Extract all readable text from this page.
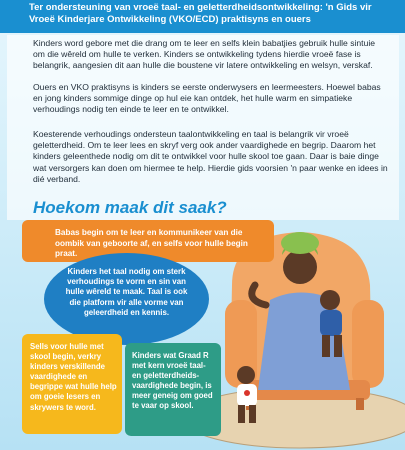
Ter ondersteuning van vroeë taal- en geletterdheidsontwikkeling: 'n Gids vir Vroeë Kinderjare Ontwikkeling (VKO/ECD) praktisyns en ouers
Kinders word gebore met die drang om te leer en selfs klein babatjies gebruik hulle sintuie om die wêreld om hulle te verken. Kinders se ontwikkeling tydens hierdie vroeë fase is belangrik, aangesien dit aan hulle die boustene vir latere ontwikkeling en welsyn, verskaf.
Ouers en VKO praktisyns is kinders se eerste onderwysers en leermeesters. Hoewel babas en jong kinders sommige dinge op hul eie kan ontdek, het hulle warm en simpatieke verhoudings nodig ten einde te leer en te ontwikkel.
Koesterende verhoudings ondersteun taalontwikkeling en taal is belangrik vir vroeë geletterdheid. Om te leer lees en skryf verg ook ander vaardighede en begrip. Daarom het kinders geleenthede nodig om dit te ontwikkel voor hulle skool toe gaan. Daar is baie dinge wat versorgers kan doen om hiermee te help. Hierdie gids voorsien 'n paar wenke en idees in dié verband.
Hoekom maak dit saak?
Babas begin om te leer en kommunikeer van die oombik van geboorte af, en selfs voor hulle begin praat.
Kinders het taal nodig om sterk verhoudings te vorm en sin van hulle wêreld te maak. Taal is ook die platform vir alle vorme van geleerdheid en kennis.
Sells voor hulle met skool begin, verkry kinders verskillende vaardighede en begrippe wat hulle help om goeie lesers en skrywers te word.
Kinders wat Graad R met kern vroeë taal- en geletterdheids-vaardighede begin, is meer geneig om goed te vaar op skool.
